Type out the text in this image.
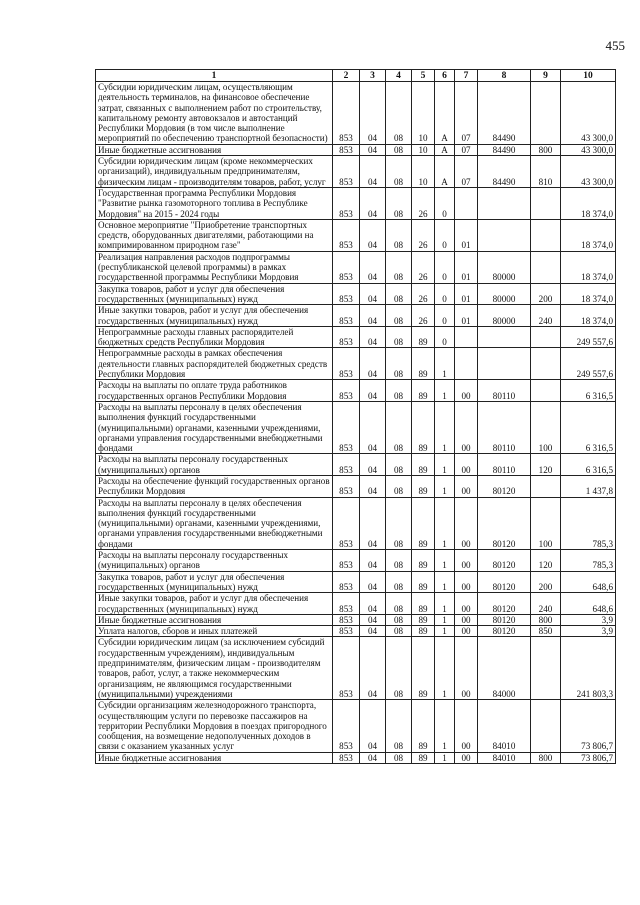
455
1	2	3	4	5	6	7	8	9	10
Субсидии юридическим лицам, осуществляющим деятельность терминалов, на финансовое обеспечение затрат, связанных с выполнением работ по строительству, капитальному ремонту автовокзалов и автостанций Республики Мордовия (в том числе выполнение мероприятий по обеспечению транспортной безопасности)	853	04	08	10	А	07	84490		43 300,0
Иные бюджетные ассигнования	853	04	08	10	А	07	84490	800	43 300,0
Субсидии юридическим лицам (кроме некоммерческих организаций), индивидуальным предпринимателям, физическим лицам - производителям товаров, работ, услуг	853	04	08	10	А	07	84490	810	43 300,0
Государственная программа Республики Мордовия "Развитие рынка газомоторного топлива в Республике Мордовия" на 2015 - 2024 годы	853	04	08	26	0				18 374,0
Основное мероприятие "Приобретение транспортных средств, оборудованных двигателями, работающими на компримированном природном газе"	853	04	08	26	0	01			18 374,0
Реализация направления расходов подпрограммы (республиканской целевой программы) в рамках государственной программы Республики Мордовия	853	04	08	26	0	01	80000		18 374,0
Закупка товаров, работ и услуг для обеспечения государственных (муниципальных) нужд	853	04	08	26	0	01	80000	200	18 374,0
Иные закупки товаров, работ и услуг для обеспечения государственных (муниципальных) нужд	853	04	08	26	0	01	80000	240	18 374,0
Непрограммные расходы главных распорядителей бюджетных средств Республики Мордовия	853	04	08	89	0				249 557,6
Непрограммные расходы в рамках обеспечения деятельности главных распорядителей бюджетных средств Республики Мордовия	853	04	08	89	1				249 557,6
Расходы на выплаты по оплате труда работников государственных органов Республики Мордовия	853	04	08	89	1	00	80110		6 316,5
Расходы на выплаты персоналу в целях обеспечения выполнения функций государственными (муниципальными) органами, казенными учреждениями, органами управления государственными внебюджетными фондами	853	04	08	89	1	00	80110	100	6 316,5
Расходы на выплаты персоналу государственных (муниципальных) органов	853	04	08	89	1	00	80110	120	6 316,5
Расходы на обеспечение функций государственных органов Республики Мордовия	853	04	08	89	1	00	80120		1 437,8
Расходы на выплаты персоналу в целях обеспечения выполнения функций государственными (муниципальными) органами, казенными учреждениями, органами управления государственными внебюджетными фондами	853	04	08	89	1	00	80120	100	785,3
Расходы на выплаты персоналу государственных (муниципальных) органов	853	04	08	89	1	00	80120	120	785,3
Закупка товаров, работ и услуг для обеспечения государственных (муниципальных) нужд	853	04	08	89	1	00	80120	200	648,6
Иные закупки товаров, работ и услуг для обеспечения государственных (муниципальных) нужд	853	04	08	89	1	00	80120	240	648,6
Иные бюджетные ассигнования	853	04	08	89	1	00	80120	800	3,9
Уплата налогов, сборов и иных платежей	853	04	08	89	1	00	80120	850	3,9
Субсидии юридическим лицам (за исключением субсидий государственным учреждениям), индивидуальным предпринимателям, физическим лицам - производителям товаров, работ, услуг, а также некоммерческим организациям, не являющимся государственными (муниципальными) учреждениями	853	04	08	89	1	00	84000		241 803,3
Субсидии организациям железнодорожного транспорта, осуществляющим услуги по перевозке пассажиров на территории Республики Мордовия в поездах пригородного сообщения, на возмещение недополученных доходов в связи с оказанием указанных услуг	853	04	08	89	1	00	84010		73 806,7
Иные бюджетные ассигнования	853	04	08	89	1	00	84010	800	73 806,7
